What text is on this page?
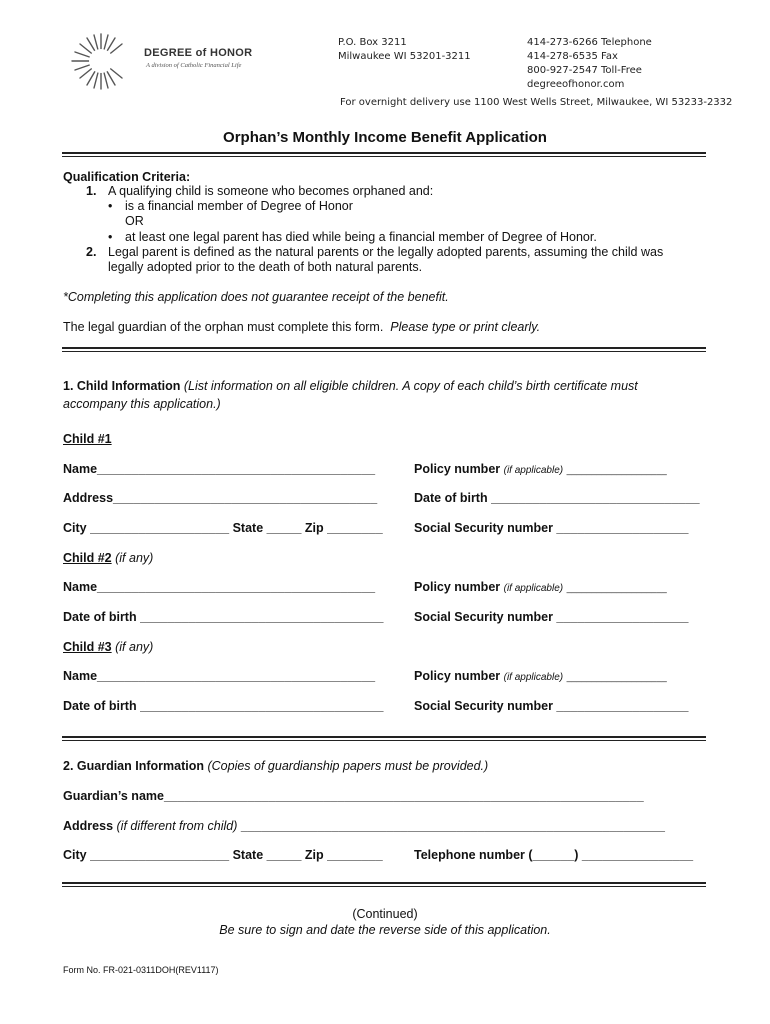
DEGREE of HONOR
A division of Catholic Financial Life
P.O. Box 3211
Milwaukee WI 53201-3211
414-273-6266 Telephone
414-278-6535 Fax
800-927-2547 Toll-Free
degreeofhonor.com
For overnight delivery use 1100 West Wells Street, Milwaukee, WI 53233-2332
Orphan’s Monthly Income Benefit Application
Qualification Criteria:
1. A qualifying child is someone who becomes orphaned and:
• is a financial member of Degree of Honor
OR
• at least one legal parent has died while being a financial member of Degree of Honor.
2. Legal parent is defined as the natural parents or the legally adopted parents, assuming the child was
legally adopted prior to the death of both natural parents.
*Completing this application does not guarantee receipt of the benefit.
The legal guardian of the orphan must complete this form. Please type or print clearly.
1. Child Information (List information on all eligible children. A copy of each child’s birth certificate must
accompany this application.)
Child #1
Name________________________________________	Policy number (if applicable) ____________________
Address______________________________________	Date of birth ______________________________
City ____________________ State _____ Zip ________	Social Security number ___________________
Child #2 (if any)
Name________________________________________	Policy number (if applicable) ____________________
Date of birth ___________________________________ Social Security number ___________________
Child #3 (if any)
Name________________________________________	Policy number (if applicable) ____________________
Date of birth ___________________________________ Social Security number ___________________
2. Guardian Information (Copies of guardianship papers must be provided.)
Guardian’s name_____________________________________________________________________
Address (if different from child) _____________________________________________________________
City ____________________ State _____ Zip ________	Telephone number (______) ________________
(Continued)
Be sure to sign and date the reverse side of this application.
Form No. FR-021-0311DOH(REV1117)
